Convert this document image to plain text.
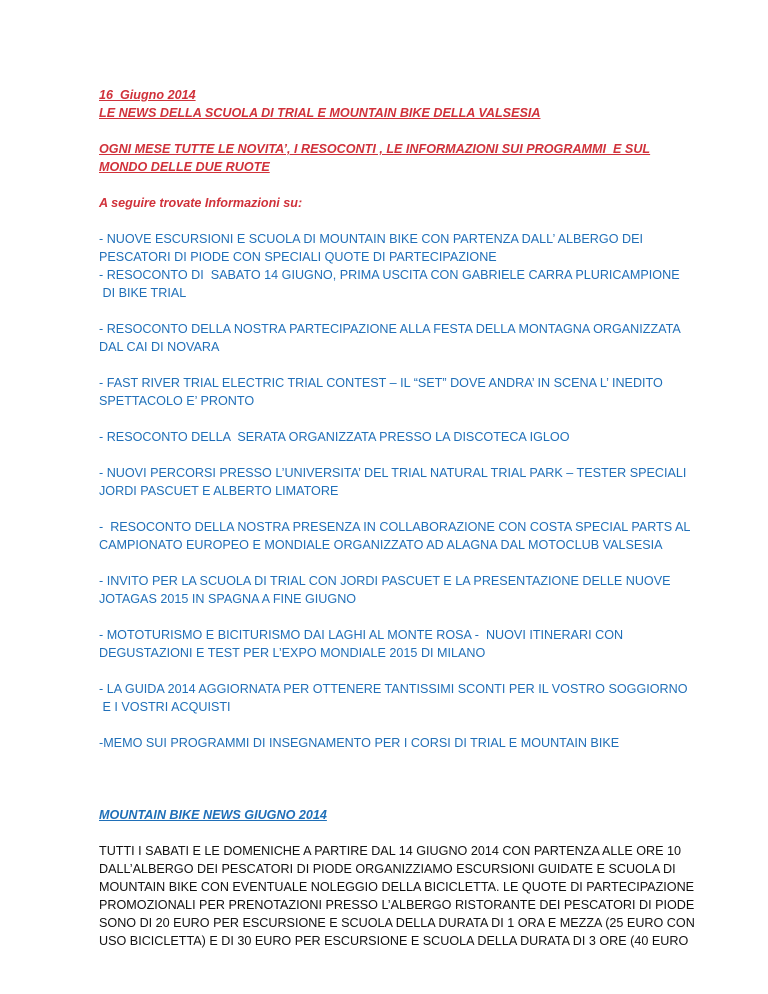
16  Giugno 2014
LE NEWS DELLA SCUOLA DI TRIAL E MOUNTAIN BIKE DELLA VALSESIA
OGNI MESE TUTTE LE NOVITA’, I RESOCONTI , LE INFORMAZIONI SUI PROGRAMMI  E SUL
MONDO DELLE DUE RUOTE
A seguire trovate Informazioni su:
- NUOVE ESCURSIONI E SCUOLA DI MOUNTAIN BIKE CON PARTENZA DALL’ ALBERGO DEI
PESCATORI DI PIODE CON SPECIALI QUOTE DI PARTECIPAZIONE
- RESOCONTO DI  SABATO 14 GIUGNO, PRIMA USCITA CON GABRIELE CARRA PLURICAMPIONE
DI BIKE TRIAL
- RESOCONTO DELLA NOSTRA PARTECIPAZIONE ALLA FESTA DELLA MONTAGNA ORGANIZZATA
DAL CAI DI NOVARA
- FAST RIVER TRIAL ELECTRIC TRIAL CONTEST – IL “SET” DOVE ANDRA’ IN SCENA L’ INEDITO
SPETTACOLO E’ PRONTO
- RESOCONTO DELLA  SERATA ORGANIZZATA PRESSO LA DISCOTECA IGLOO
- NUOVI PERCORSI PRESSO L’UNIVERSITA’ DEL TRIAL NATURAL TRIAL PARK – TESTER SPECIALI
JORDI PASCUET E ALBERTO LIMATORE
-  RESOCONTO DELLA NOSTRA PRESENZA IN COLLABORAZIONE CON COSTA SPECIAL PARTS AL
CAMPIONATO EUROPEO E MONDIALE ORGANIZZATO AD ALAGNA DAL MOTOCLUB VALSESIA
- INVITO PER LA SCUOLA DI TRIAL CON JORDI PASCUET E LA PRESENTAZIONE DELLE NUOVE
JOTAGAS 2015 IN SPAGNA A FINE GIUGNO
- MOTOTURISMO E BICITURISMO DAI LAGHI AL MONTE ROSA -  NUOVI ITINERARI CON
DEGUSTAZIONI E TEST PER L’EXPO MONDIALE 2015 DI MILANO
- LA GUIDA 2014 AGGIORNATA PER OTTENERE TANTISSIMI SCONTI PER IL VOSTRO SOGGIORNO
E I VOSTRI ACQUISTI
-MEMO SUI PROGRAMMI DI INSEGNAMENTO PER I CORSI DI TRIAL E MOUNTAIN BIKE
MOUNTAIN BIKE NEWS GIUGNO 2014
TUTTI I SABATI E LE DOMENICHE A PARTIRE DAL 14 GIUGNO 2014 CON PARTENZA ALLE ORE 10
DALL’ALBERGO DEI PESCATORI DI PIODE ORGANIZZIAMO ESCURSIONI GUIDATE E SCUOLA DI
MOUNTAIN BIKE CON EVENTUALE NOLEGGIO DELLA BICICLETTA. LE QUOTE DI PARTECIPAZIONE
PROMOZIONALI PER PRENOTAZIONI PRESSO L’ALBERGO RISTORANTE DEI PESCATORI DI PIODE
SONO DI 20 EURO PER ESCURSIONE E SCUOLA DELLA DURATA DI 1 ORA E MEZZA (25 EURO CON
USO BICICLETTA) E DI 30 EURO PER ESCURSIONE E SCUOLA DELLA DURATA DI 3 ORE (40 EURO
